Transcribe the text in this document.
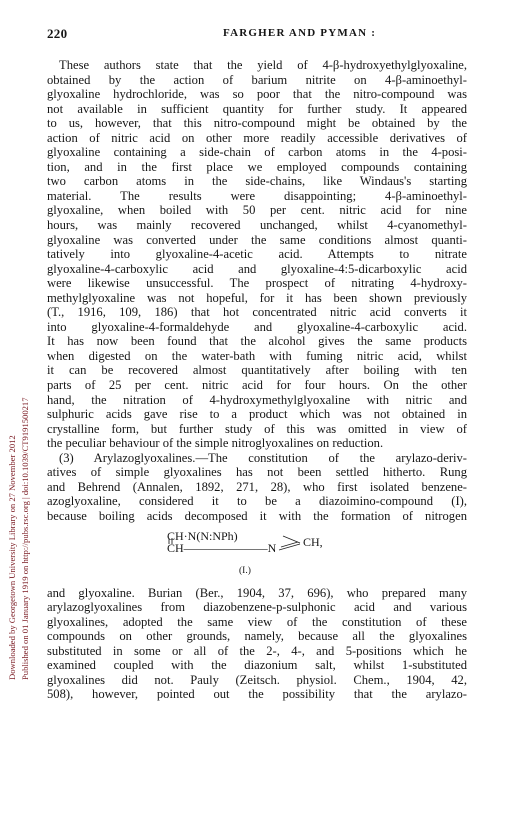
Downloaded by Georgetown University Library on 27 November 2012 Published on 01 January 1919 on http://pubs.rsc.org | doi:10.1039/CT9191500217
220	FARGHER AND PYMAN :
These authors state that the yield of 4-β-hydroxyethylglyoxaline,
obtained by the action of barium nitrite on 4-β-aminoethyl-
glyoxaline hydrochloride, was so poor that the nitro-compound was
not available in sufficient quantity for further study. It appeared
to us, however, that this nitro-compound might be obtained by the
action of nitric acid on other more readily accessible derivatives of
glyoxaline containing a side-chain of carbon atoms in the 4-posi-
tion, and in the first place we employed compounds containing
two carbon atoms in the side-chains, like Windaus's starting
material. The results were disappointing; 4-β-aminoethyl-
glyoxaline, when boiled with 50 per cent. nitric acid for nine
hours, was mainly recovered unchanged, whilst 4-cyanomethyl-
glyoxaline was converted under the same conditions almost quanti-
tatively into glyoxaline-4-acetic acid. Attempts to nitrate
glyoxaline-4-carboxylic acid and glyoxaline-4:5-dicarboxylic acid
were likewise unsuccessful. The prospect of nitrating 4-hydroxy-
methylglyoxaline was not hopeful, for it has been shown previously
(T., 1916, 109, 186) that hot concentrated nitric acid converts it
into glyoxaline-4-formaldehyde and glyoxaline-4-carboxylic acid.
It has now been found that the alcohol gives the same products
when digested on the water-bath with fuming nitric acid, whilst
it can be recovered almost quantitatively after boiling with ten
parts of 25 per cent. nitric acid for four hours. On the other
hand, the nitration of 4-hydroxymethylglyoxaline with nitric and
sulphuric acids gave rise to a product which was not obtained in
crystalline form, but further study of this was omitted in view of
the peculiar behaviour of the simple nitroglyoxalines on reduction.
(3) Arylazoglyoxalines.—The constitution of the arylazo-deriv-
atives of simple glyoxalines has not been settled hitherto. Rung
and Behrend (Annalen, 1892, 271, 28), who first isolated benzene-
azoglyoxaline, considered it to be a diazoimino-compound (I),
because boiling acids decomposed it with the formation of nitrogen
CH·N(N:NPh)
CH———————N CH,
(I.)
and glyoxaline. Burian (Ber., 1904, 37, 696), who prepared many
arylazoglyoxalines from diazobenzene-p-sulphonic acid and various
glyoxalines, adopted the same view of the constitution of these
compounds on other grounds, namely, because all the glyoxalines
substituted in some or all of the 2-, 4-, and 5-positions which he
examined coupled with the diazonium salt, whilst 1-substituted
glyoxalines did not. Pauly (Zeitsch. physiol. Chem., 1904, 42,
508), however, pointed out the possibility that the arylazo-
